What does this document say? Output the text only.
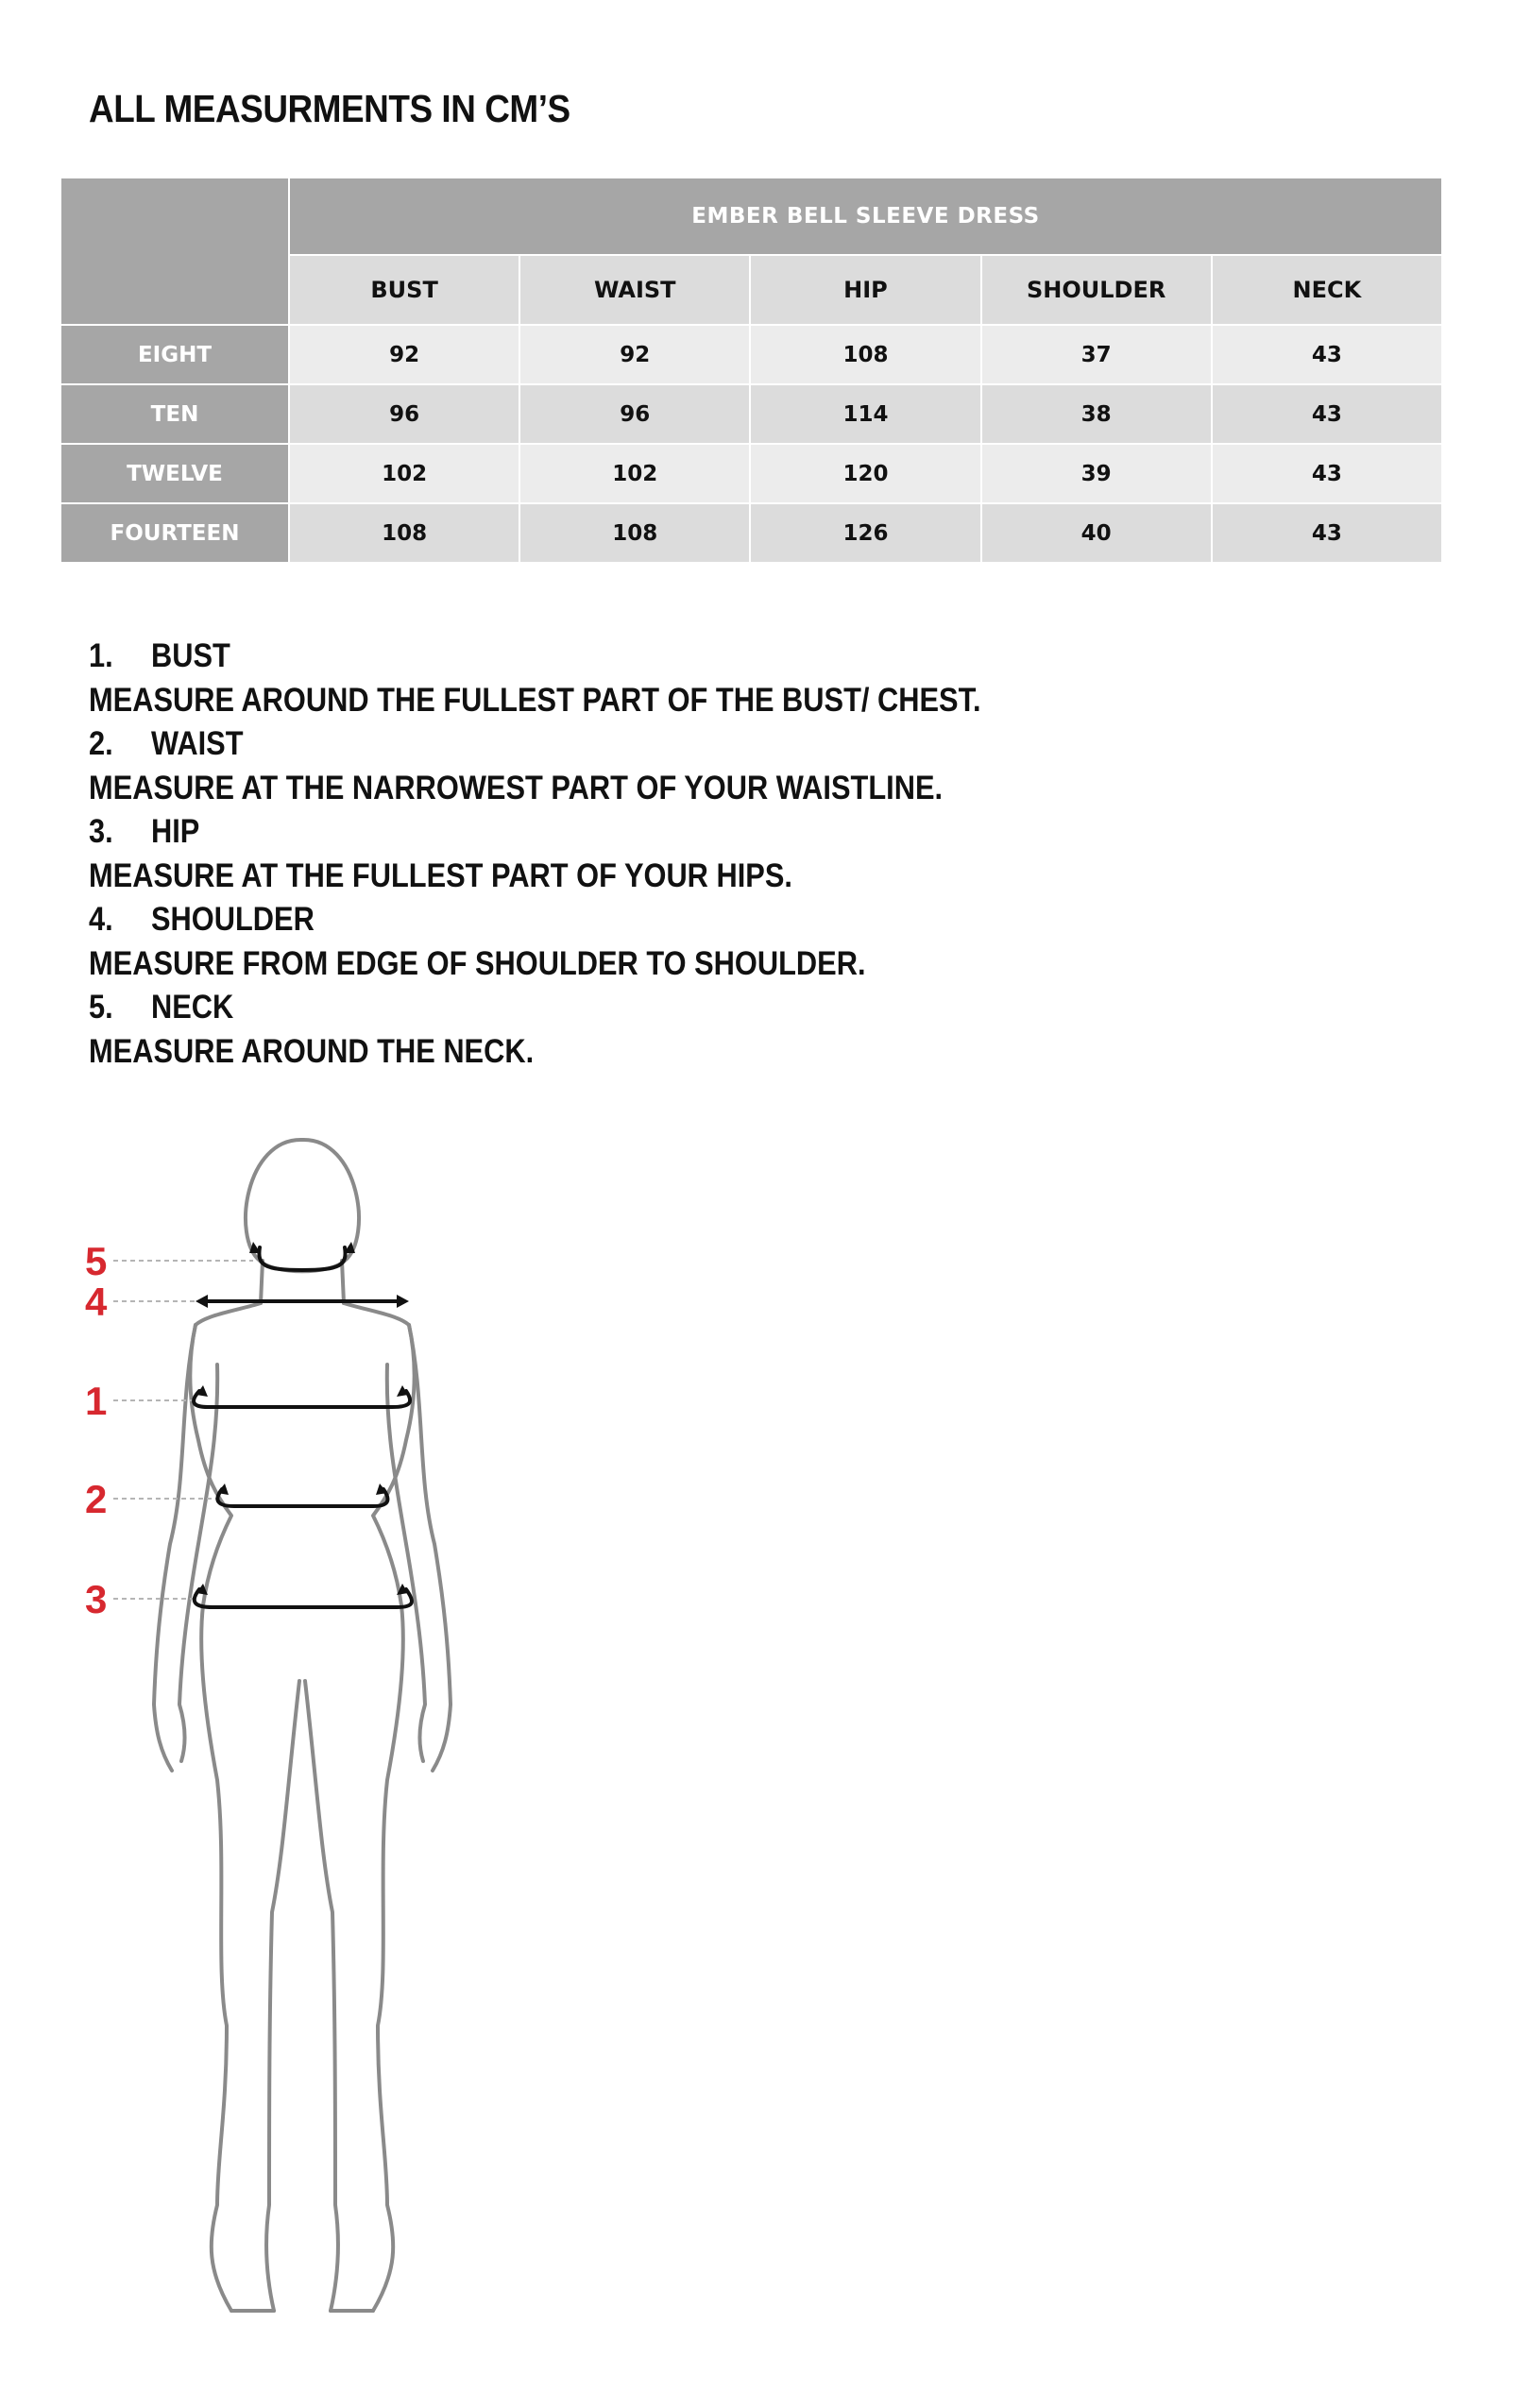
ALL MEASURMENTS IN CM’S
	EMBER BELL SLEEVE DRESS				
	BUST	WAIST	HIP	SHOULDER	NECK
EIGHT	92	92	108	37	43
TEN	96	96	114	38	43
TWELVE	102	102	120	39	43
FOURTEEN	108	108	126	40	43
1.	BUST
MEASURE AROUND THE FULLEST PART OF THE BUST/ CHEST.
2.	WAIST
MEASURE AT THE NARROWEST PART OF YOUR WAISTLINE.
3.	HIP
MEASURE AT THE FULLEST PART OF YOUR HIPS.
4.	SHOULDER
MEASURE FROM EDGE OF SHOULDER TO SHOULDER.
5.	NECK
MEASURE AROUND THE NECK.
5
4
1
2
3
